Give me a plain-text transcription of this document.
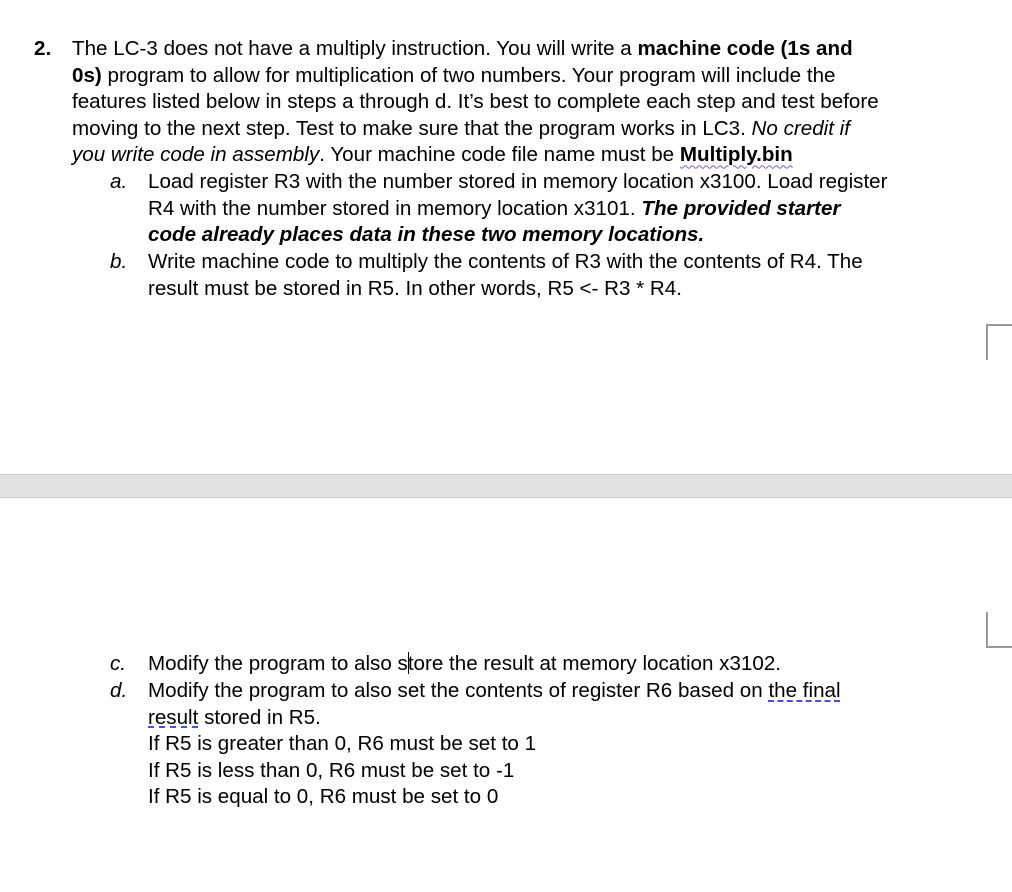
2. The LC-3 does not have a multiply instruction. You will write a machine code (1s and
0s) program to allow for multiplication of two numbers. Your program will include the
features listed below in steps a through d. It’s best to complete each step and test before
moving to the next step. Test to make sure that the program works in LC3. No credit if
you write code in assembly. Your machine code file name must be Multiply.bin
a. Load register R3 with the number stored in memory location x3100. Load register
R4 with the number stored in memory location x3101. The provided starter
code already places data in these two memory locations.
b. Write machine code to multiply the contents of R3 with the contents of R4. The
result must be stored in R5. In other words, R5 <- R3 * R4.
c. Modify the program to also store the result at memory location x3102.
d. Modify the program to also set the contents of register R6 based on the final
result stored in R5.
If R5 is greater than 0, R6 must be set to 1
If R5 is less than 0, R6 must be set to -1
If R5 is equal to 0, R6 must be set to 0
